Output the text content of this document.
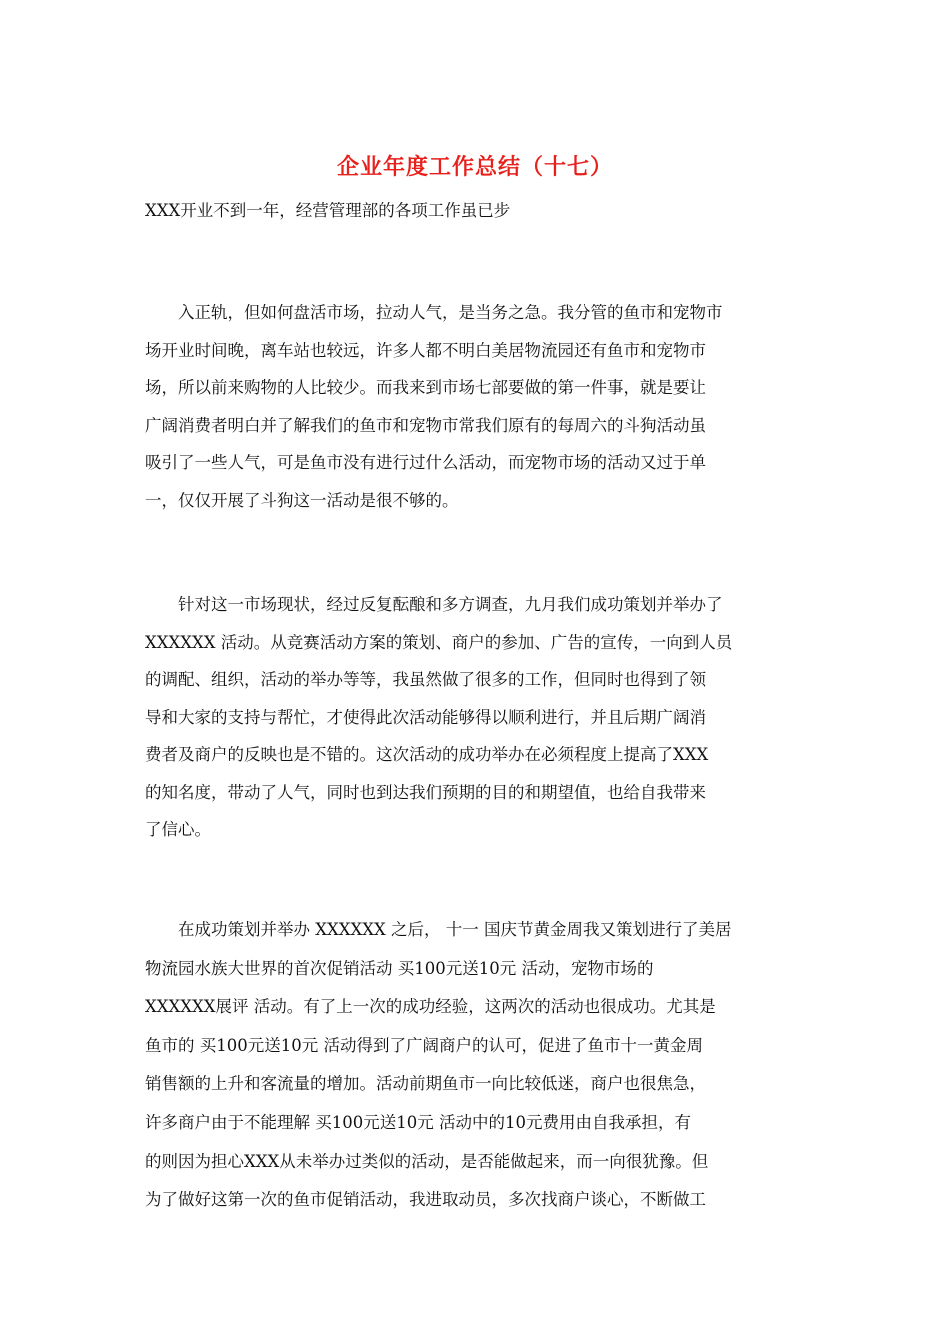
企业年度工作总结（十七）
XXX开业不到一年，经营管理部的各项工作虽已步
　　入正轨，但如何盘活市场，拉动人气，是当务之急。我分管的鱼市和宠物市
场开业时间晚，离车站也较远，许多人都不明白美居物流园还有鱼市和宠物市
场，所以前来购物的人比较少。而我来到市场七部要做的第一件事，就是要让
广阔消费者明白并了解我们的鱼市和宠物市常我们原有的每周六的斗狗活动虽
吸引了一些人气，可是鱼市没有进行过什么活动，而宠物市场的活动又过于单
一，仅仅开展了斗狗这一活动是很不够的。
　　针对这一市场现状，经过反复酝酿和多方调查，九月我们成功策划并举办了
XXXXXX 活动。从竞赛活动方案的策划、商户的参加、广告的宣传，一向到人员
的调配、组织，活动的举办等等，我虽然做了很多的工作，但同时也得到了领
导和大家的支持与帮忙，才使得此次活动能够得以顺利进行，并且后期广阔消
费者及商户的反映也是不错的。这次活动的成功举办在必须程度上提高了XXX
的知名度，带动了人气，同时也到达我们预期的目的和期望值，也给自我带来
了信心。
　　在成功策划并举办 XXXXXX 之后， 十一 国庆节黄金周我又策划进行了美居
物流园水族大世界的首次促销活动 买100元送10元 活动，宠物市场的
XXXXXX展评 活动。有了上一次的成功经验，这两次的活动也很成功。尤其是
鱼市的 买100元送10元 活动得到了广阔商户的认可，促进了鱼市十一黄金周
销售额的上升和客流量的增加。活动前期鱼市一向比较低迷，商户也很焦急，
许多商户由于不能理解 买100元送10元 活动中的10元费用由自我承担，有
的则因为担心XXX从未举办过类似的活动，是否能做起来，而一向很犹豫。但
为了做好这第一次的鱼市促销活动，我进取动员，多次找商户谈心，不断做工
